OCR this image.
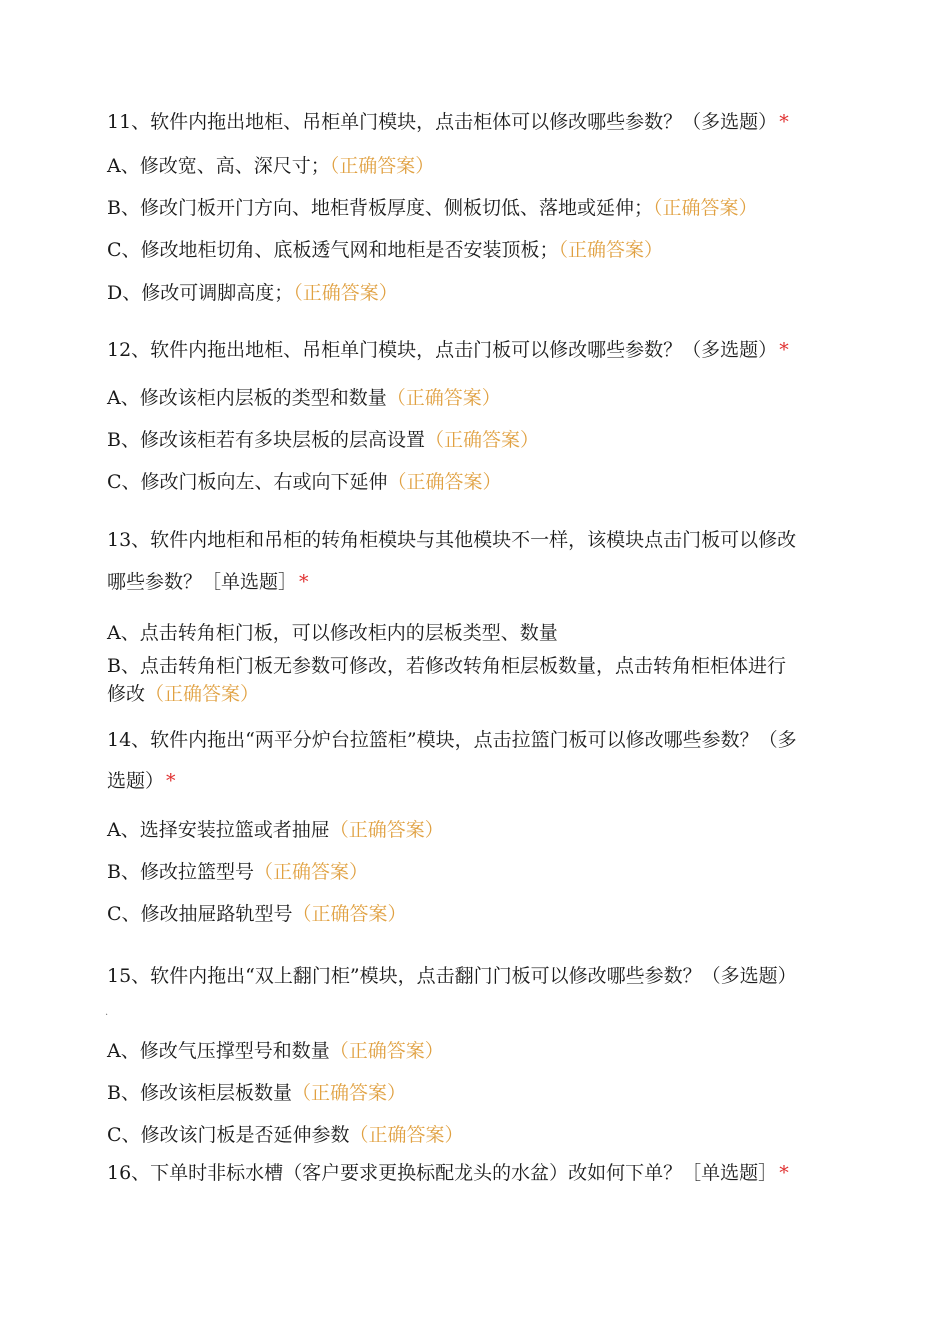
11、软件内拖出地柜、吊柜单门模块，点击柜体可以修改哪些参数？（多选题） *
A、修改宽、高、深尺寸；（正确答案）
B、修改门板开门方向、地柜背板厚度、侧板切低、落地或延伸；（正确答案）
C、修改地柜切角、底板透气网和地柜是否安装顶板；（正确答案）
D、修改可调脚高度；（正确答案）
12、软件内拖出地柜、吊柜单门模块，点击门板可以修改哪些参数？（多选题） *
A、修改该柜内层板的类型和数量（正确答案）
B、修改该柜若有多块层板的层高设置（正确答案）
C、修改门板向左、右或向下延伸（正确答案）
13、软件内地柜和吊柜的转角柜模块与其他模块不一样，该模块点击门板可以修改
哪些参数？［单选题］ *
A、点击转角柜门板，可以修改柜内的层板类型、数量
B、点击转角柜门板无参数可修改，若修改转角柜层板数量，点击转角柜柜体进行
修改（正确答案）
14、软件内拖出“两平分炉台拉篮柜”模块，点击拉篮门板可以修改哪些参数？（多
选题） *
A、选择安装拉篮或者抽屉（正确答案）
B、修改拉篮型号（正确答案）
C、修改抽屉路轨型号（正确答案）
15、软件内拖出“双上翻门柜”模块，点击翻门门板可以修改哪些参数？（多选题）
.
A、修改气压撑型号和数量（正确答案）
B、修改该柜层板数量（正确答案）
C、修改该门板是否延伸参数（正确答案）
16、下单时非标水槽（客户要求更换标配龙头的水盆）改如何下单？［单选题］ *
